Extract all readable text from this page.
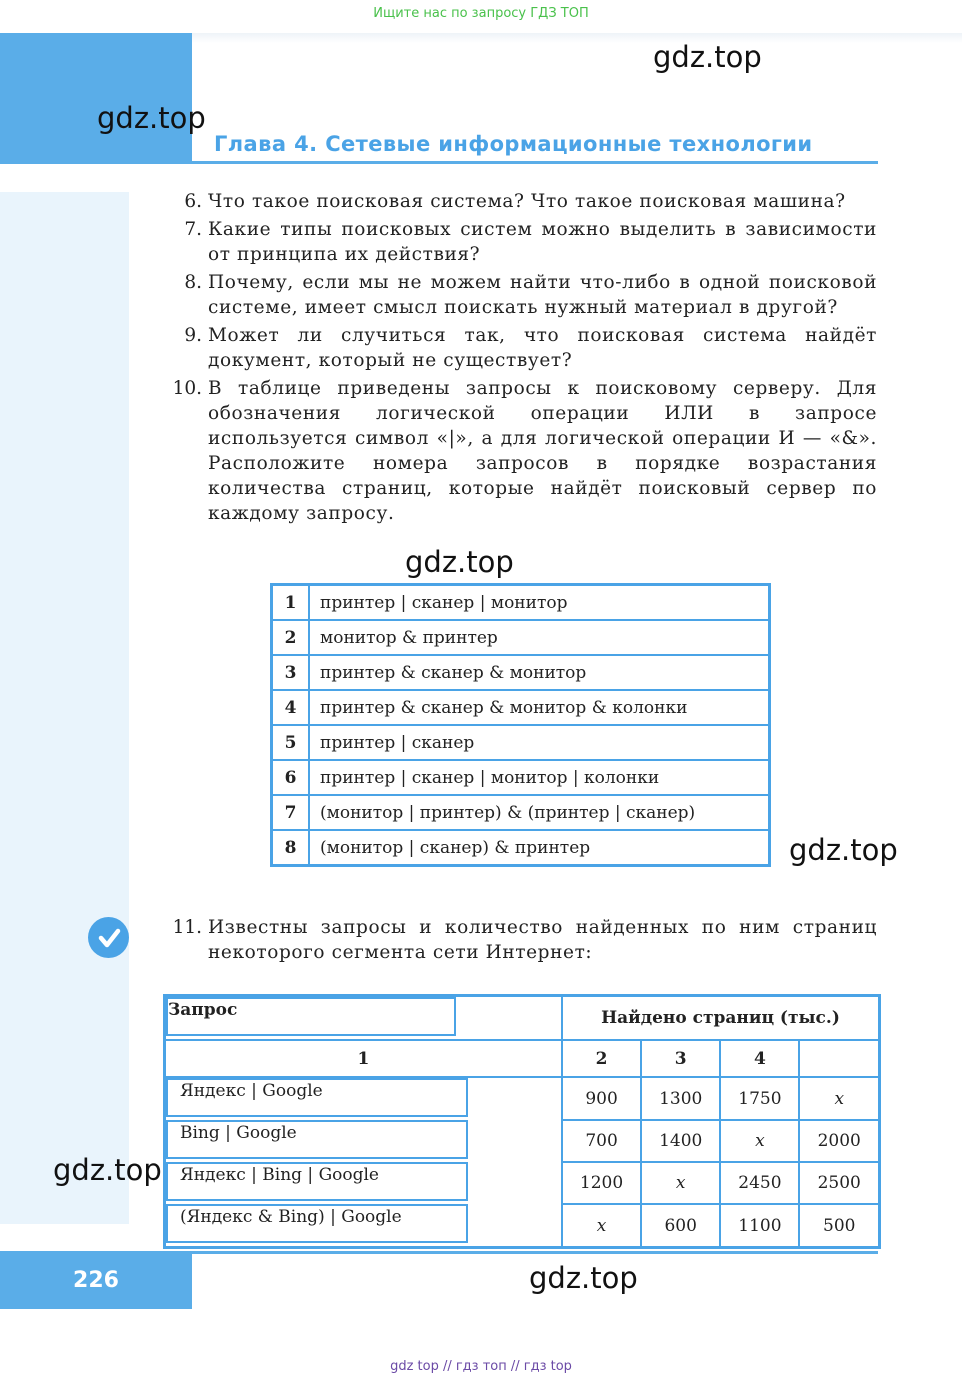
Ищите нас по запросу ГДЗ ТОП
Глава 4. Сетевые информационные технологии
gdz.top
gdz.top
gdz.top
gdz.top
gdz.top
gdz.top
6. Что такое поисковая система? Что такое поисковая машина?
7. Какие типы поисковых систем можно выделить в зависимости от принципа их действия?
8. Почему, если мы не можем найти что-либо в одной поисковой системе, имеет смысл поискать нужный материал в другой?
9. Может ли случиться так, что поисковая система найдёт документ, который не существует?
10. В таблице приведены запросы к поисковому серверу. Для обозначения логической операции ИЛИ в запросе используется символ «|», а для логической операции И — «&». Расположите номера запросов в порядке возрастания количества страниц, которые найдёт поисковый сервер по каждому запросу.
1	принтер | сканер | монитор
2	монитор & принтер
3	принтер & сканер & монитор
4	принтер & сканер & монитор & колонки
5	принтер | сканер
6	принтер | сканер | монитор | колонки
7	(монитор | принтер) & (принтер | сканер)
8	(монитор | сканер) & принтер
11. Известны запросы и количество найденных по ним страниц некоторого сегмента сети Интернет:
Запрос	Найдено страниц (тыс.)			
1	2	3	4	

Яндекс | Google	900	1300	1750	x

Bing | Google	700	1400	x	2000

Яндекс | Bing | Google	1200	x	2450	2500

(Яндекс & Bing) | Google	x	600	1100	500
226
gdz top // гдз топ // гдз top
